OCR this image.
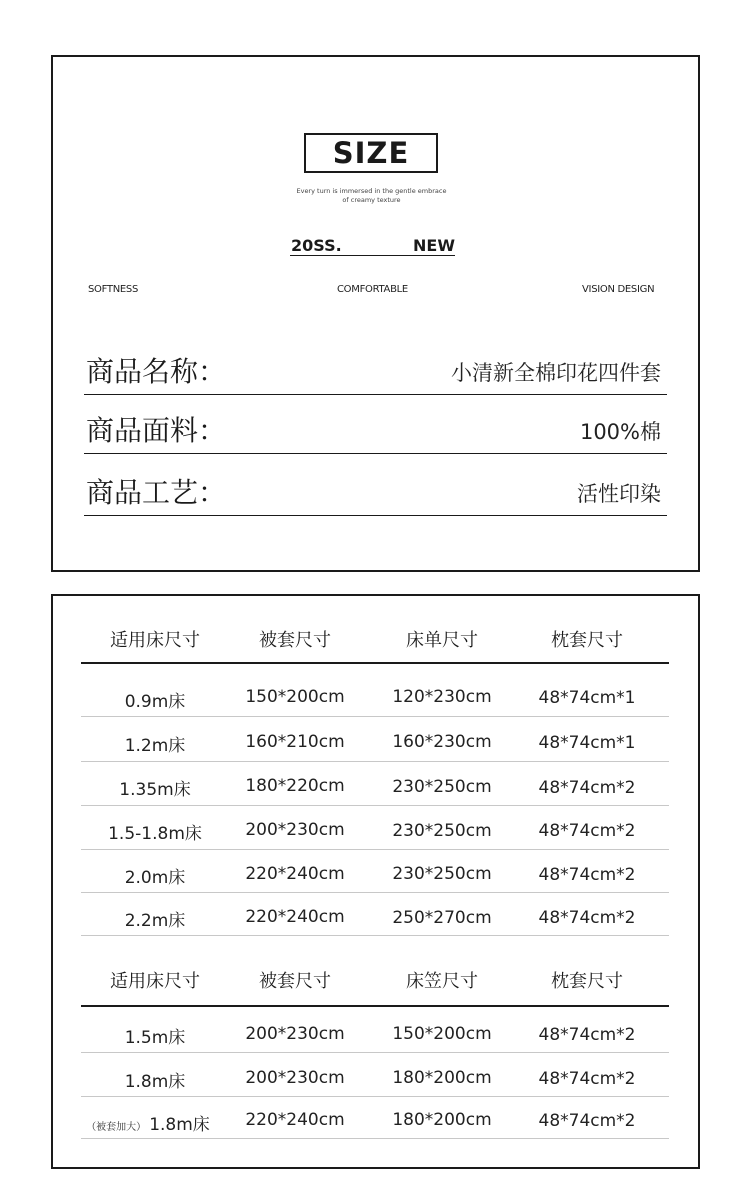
SIZE
Every turn is immersed in the gentle embrace
of creamy texture
20SS.	NEW
SOFTNESS	COMFORTABLE	VISION DESIGN
商品名称：	小清新全棉印花四件套
商品面料：	100%棉
商品工艺：	活性印染
适用床尺寸	被套尺寸	床单尺寸	枕套尺寸
0.9m床	150*200cm	120*230cm	48*74cm*1
1.2m床	160*210cm	160*230cm	48*74cm*1
1.35m床	180*220cm	230*250cm	48*74cm*2
1.5-1.8m床	200*230cm	230*250cm	48*74cm*2
2.0m床	220*240cm	230*250cm	48*74cm*2
2.2m床	220*240cm	250*270cm	48*74cm*2
适用床尺寸	被套尺寸	床笠尺寸	枕套尺寸
1.5m床	200*230cm	150*200cm	48*74cm*2
1.8m床	200*230cm	180*200cm	48*74cm*2
（被套加大） 1.8m床	220*240cm	180*200cm	48*74cm*2
